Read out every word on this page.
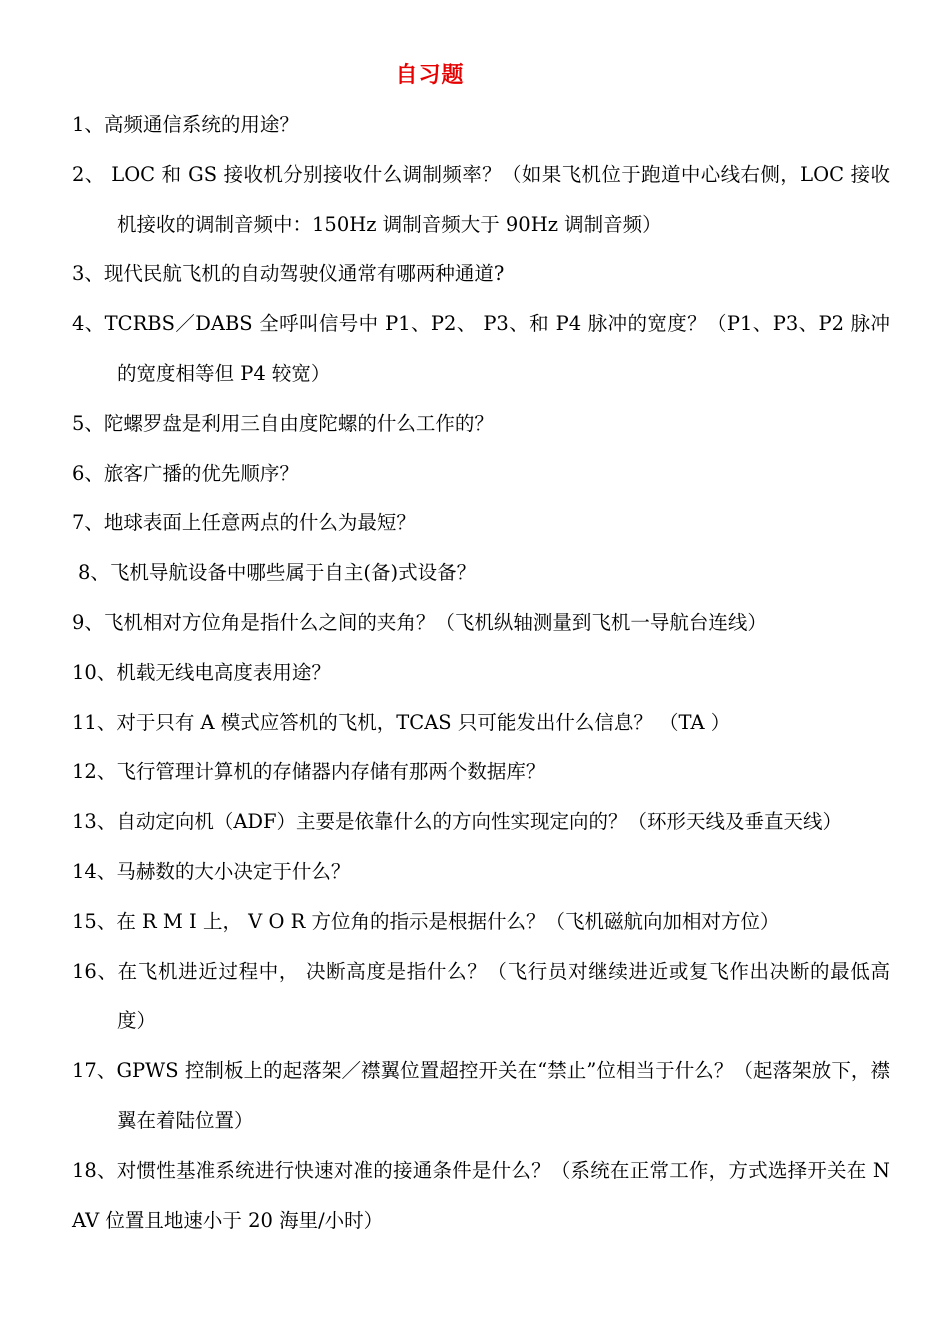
自习题
1、高频通信系统的用途？
2、 LOC 和 GS 接收机分别接收什么调制频率？（如果飞机位于跑道中心线右侧，LOC 接收机接收的调制音频中：150Hz 调制音频大于 90Hz 调制音频）
3、现代民航飞机的自动驾驶仪通常有哪两种通道?
4、TCRBS／DABS 全呼叫信号中 P1、P2、 P3、和 P4 脉冲的宽度？（P1、P3、P2 脉冲的宽度相等但 P4 较宽）
5、陀螺罗盘是利用三自由度陀螺的什么工作的？
6、旅客广播的优先顺序？
7、地球表面上任意两点的什么为最短？
8、飞机导航设备中哪些属于自主(备)式设备？
9、飞机相对方位角是指什么之间的夹角？（飞机纵轴测量到飞机一导航台连线）
10、机载无线电高度表用途？
11、对于只有 A 模式应答机的飞机，TCAS 只可能发出什么信息？ （TA ）
12、飞行管理计算机的存储器内存储有那两个数据库？
13、自动定向机（ADF）主要是依靠什么的方向性实现定向的？（环形天线及垂直天线）
14、马赫数的大小决定于什么？
15、在 R M I 上， V O R 方位角的指示是根据什么？（飞机磁航向加相对方位）
16、在飞机进近过程中， 决断高度是指什么？（飞行员对继续进近或复飞作出决断的最低高度）
17、GPWS 控制板上的起落架／襟翼位置超控开关在“禁止”位相当于什么？（起落架放下，襟翼在着陆位置）
18、对惯性基准系统进行快速对准的接通条件是什么？（系统在正常工作，方式选择开关在 NAV 位置且地速小于 20 海里/小时）
